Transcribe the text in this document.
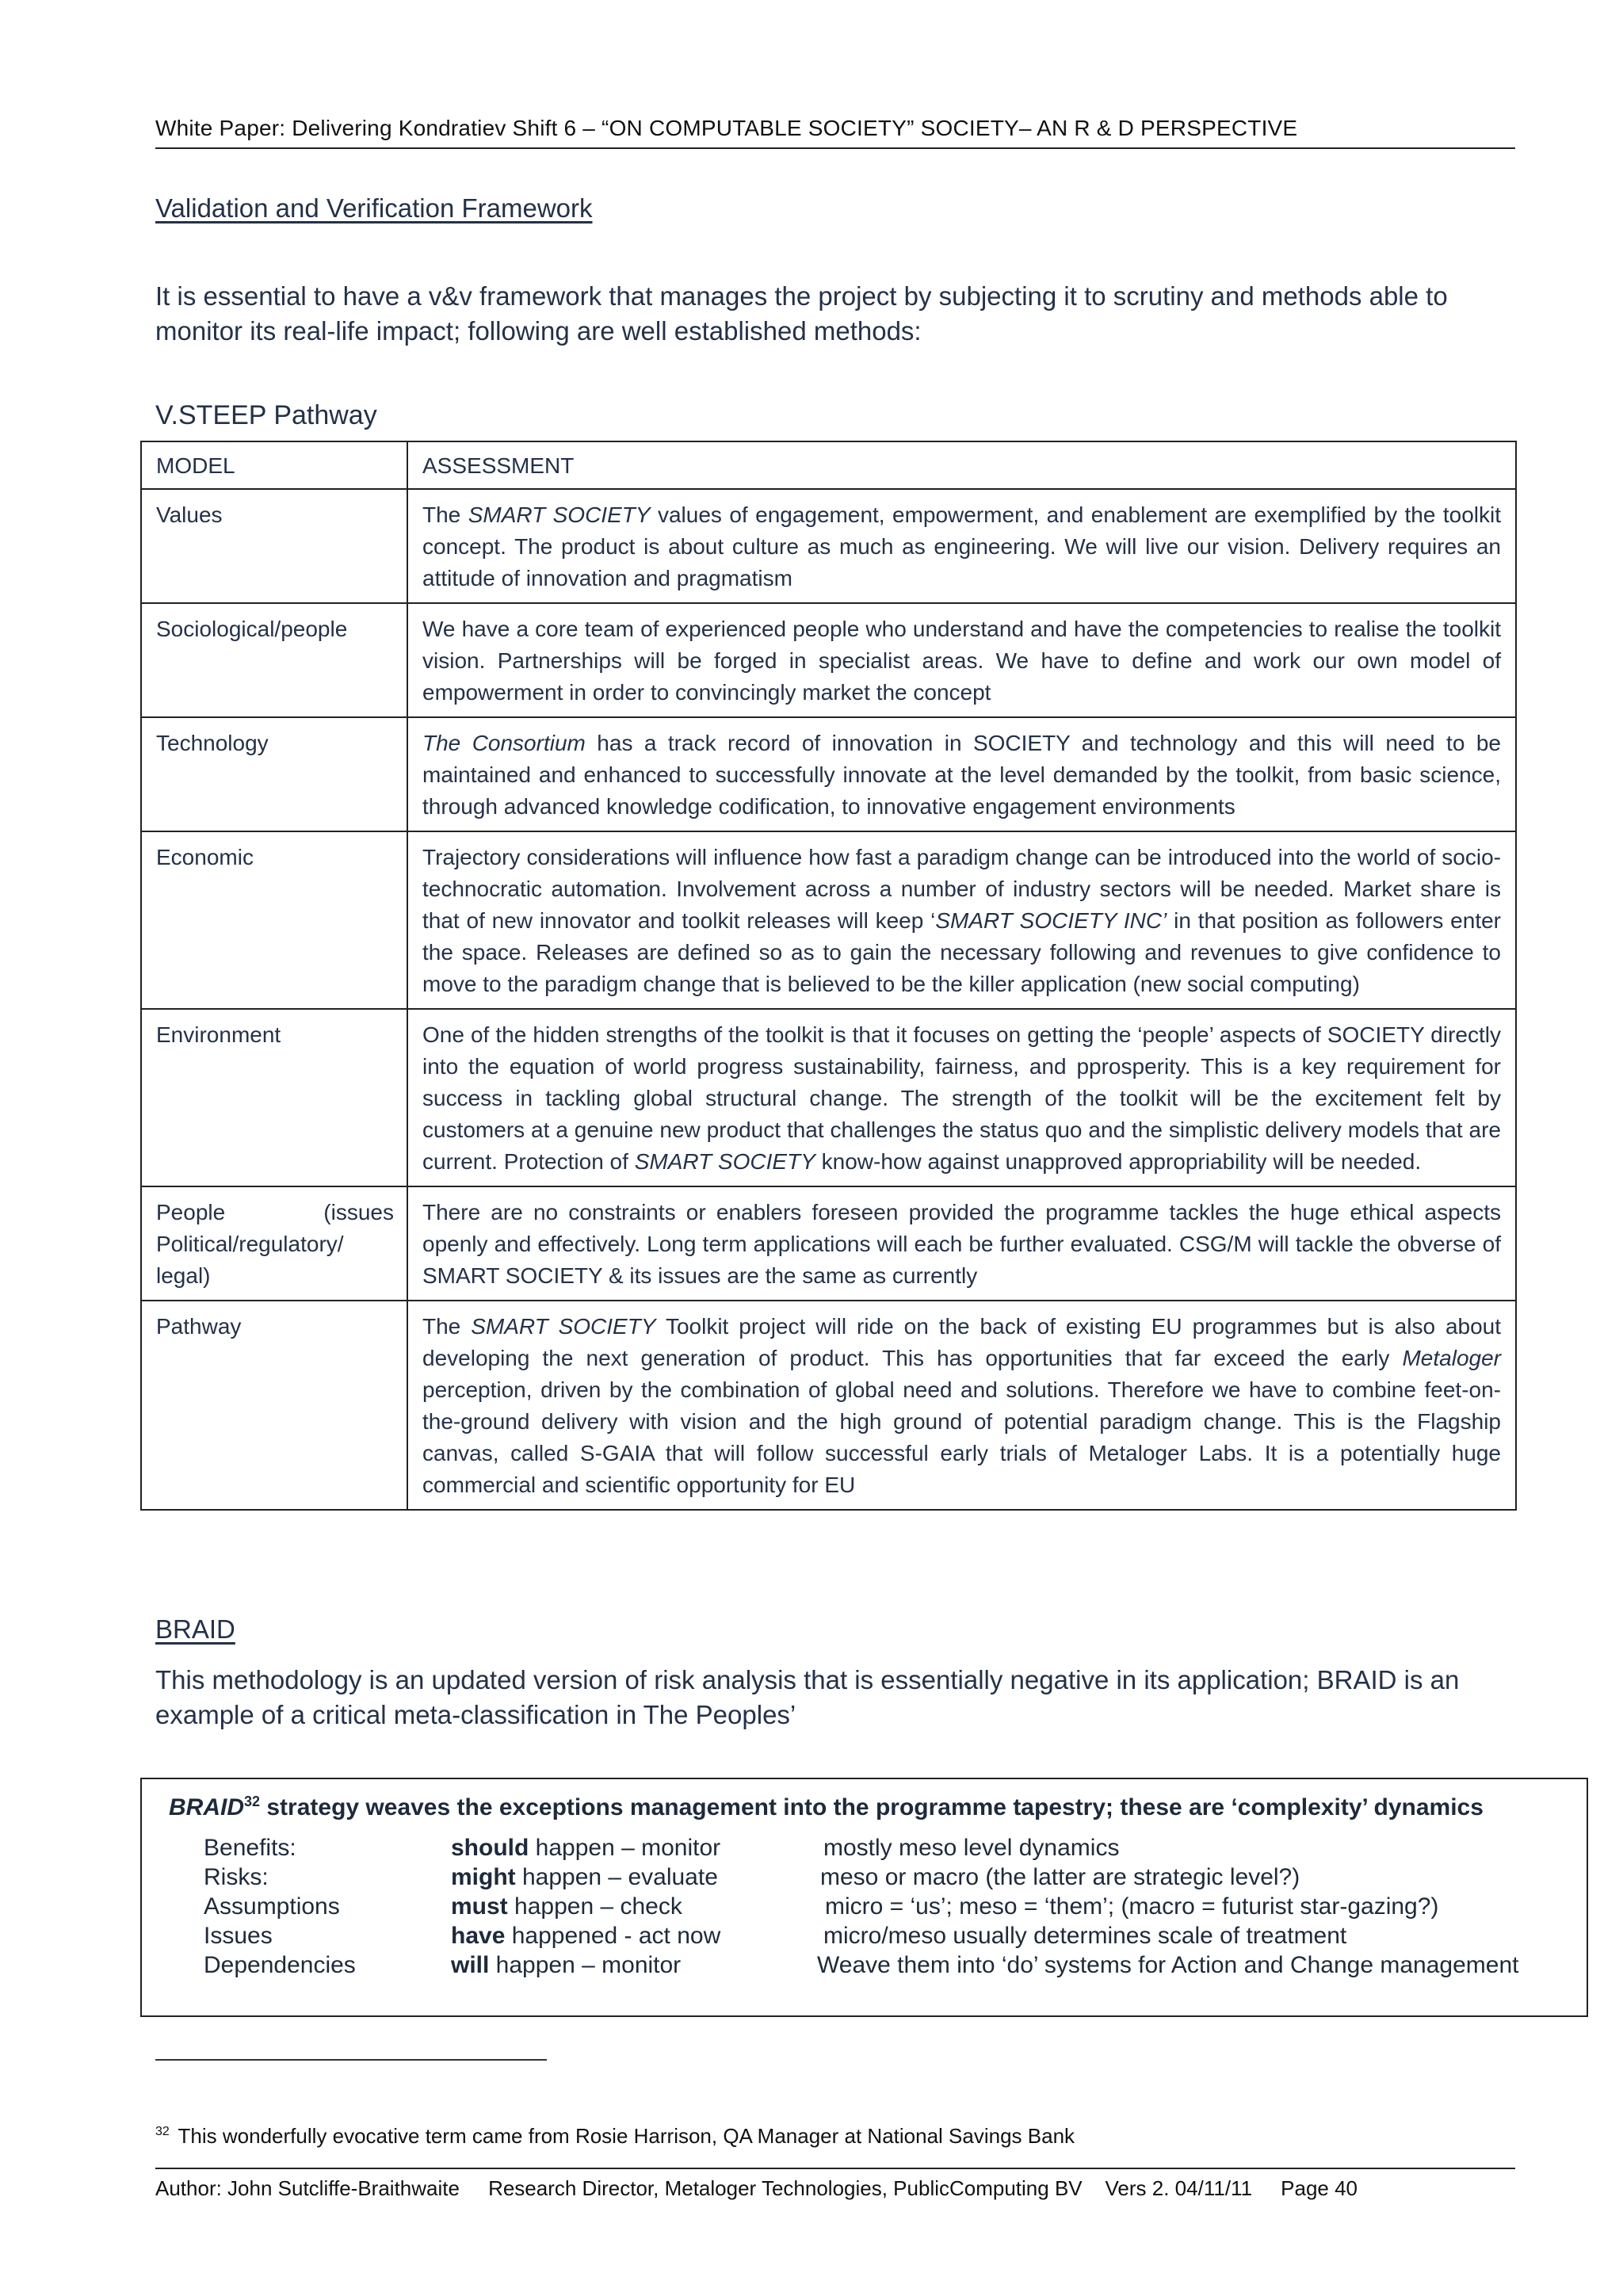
White Paper: Delivering Kondratiev Shift 6 – “ON COMPUTABLE SOCIETY” SOCIETY– AN R & D PERSPECTIVE
Validation and Verification Framework
It is essential to have a v&v framework that manages the project by subjecting it to scrutiny and methods able to monitor its real-life impact; following are well established methods:
V.STEEP Pathway
MODEL	ASSESSMENT
Values	The SMART SOCIETY values of engagement, empowerment, and enablement are exemplified by the toolkit concept. The product is about culture as much as engineering. We will live our vision. Delivery requires an attitude of innovation and pragmatism
Sociological/people	We have a core team of experienced people who understand and have the competencies to realise the toolkit vision. Partnerships will be forged in specialist areas. We have to define and work our own model of empowerment in order to convincingly market the concept
Technology	The Consortium has a track record of innovation in SOCIETY and technology and this will need to be maintained and enhanced to successfully innovate at the level demanded by the toolkit, from basic science, through advanced knowledge codification, to innovative engagement environments
Economic	Trajectory considerations will influence how fast a paradigm change can be introduced into the world of socio-technocratic automation. Involvement across a number of industry sectors will be needed. Market share is that of new innovator and toolkit releases will keep ‘SMART SOCIETY INC’ in that position as followers enter the space. Releases are defined so as to gain the necessary following and revenues to give confidence to move to the paradigm change that is believed to be the killer application (new social computing)
Environment	One of the hidden strengths of the toolkit is that it focuses on getting the ‘people’ aspects of SOCIETY directly into the equation of world progress sustainability, fairness, and pprosperity. This is a key requirement for success in tackling global structural change. The strength of the toolkit will be the excitement felt by customers at a genuine new product that challenges the status quo and the simplistic delivery models that are current. Protection of SMART SOCIETY know-how against unapproved appropriability will be needed.
People (issues Political/regulatory/ legal)	There are no constraints or enablers foreseen provided the programme tackles the huge ethical aspects openly and effectively. Long term applications will each be further evaluated. CSG/M will tackle the obverse of SMART SOCIETY & its issues are the same as currently
Pathway	The SMART SOCIETY Toolkit project will ride on the back of existing EU programmes but is also about developing the next generation of product. This has opportunities that far exceed the early Metaloger perception, driven by the combination of global need and solutions. Therefore we have to combine feet-on-the-ground delivery with vision and the high ground of potential paradigm change. This is the Flagship canvas, called S-GAIA that will follow successful early trials of Metaloger Labs. It is a potentially huge commercial and scientific opportunity for EU
BRAID
This methodology is an updated version of risk analysis that is essentially negative in its application; BRAID is an example of a critical meta-classification in The Peoples’
BRAID$^{32}$ strategy weaves the exceptions management into the programme tapestry; these are ‘complexity’ dynamics
Benefits:	should happen – monitor	mostly meso level dynamics
Risks:	might happen – evaluate	meso or macro (the latter are strategic level?)
Assumptions	must happen – check	micro = ‘us’; meso = ‘them’; (macro = futurist star-gazing?)
Issues	have happened - act now	micro/meso usually determines scale of treatment
Dependencies	will happen – monitor	Weave them into ‘do’ systems for Action and Change management
$^{32}$ This wonderfully evocative term came from Rosie Harrison, QA Manager at National Savings Bank
Author: John Sutcliffe-Braithwaite     Research Director, Metaloger Technologies, PublicComputing BV    Vers 2. 04/11/11     Page 40
